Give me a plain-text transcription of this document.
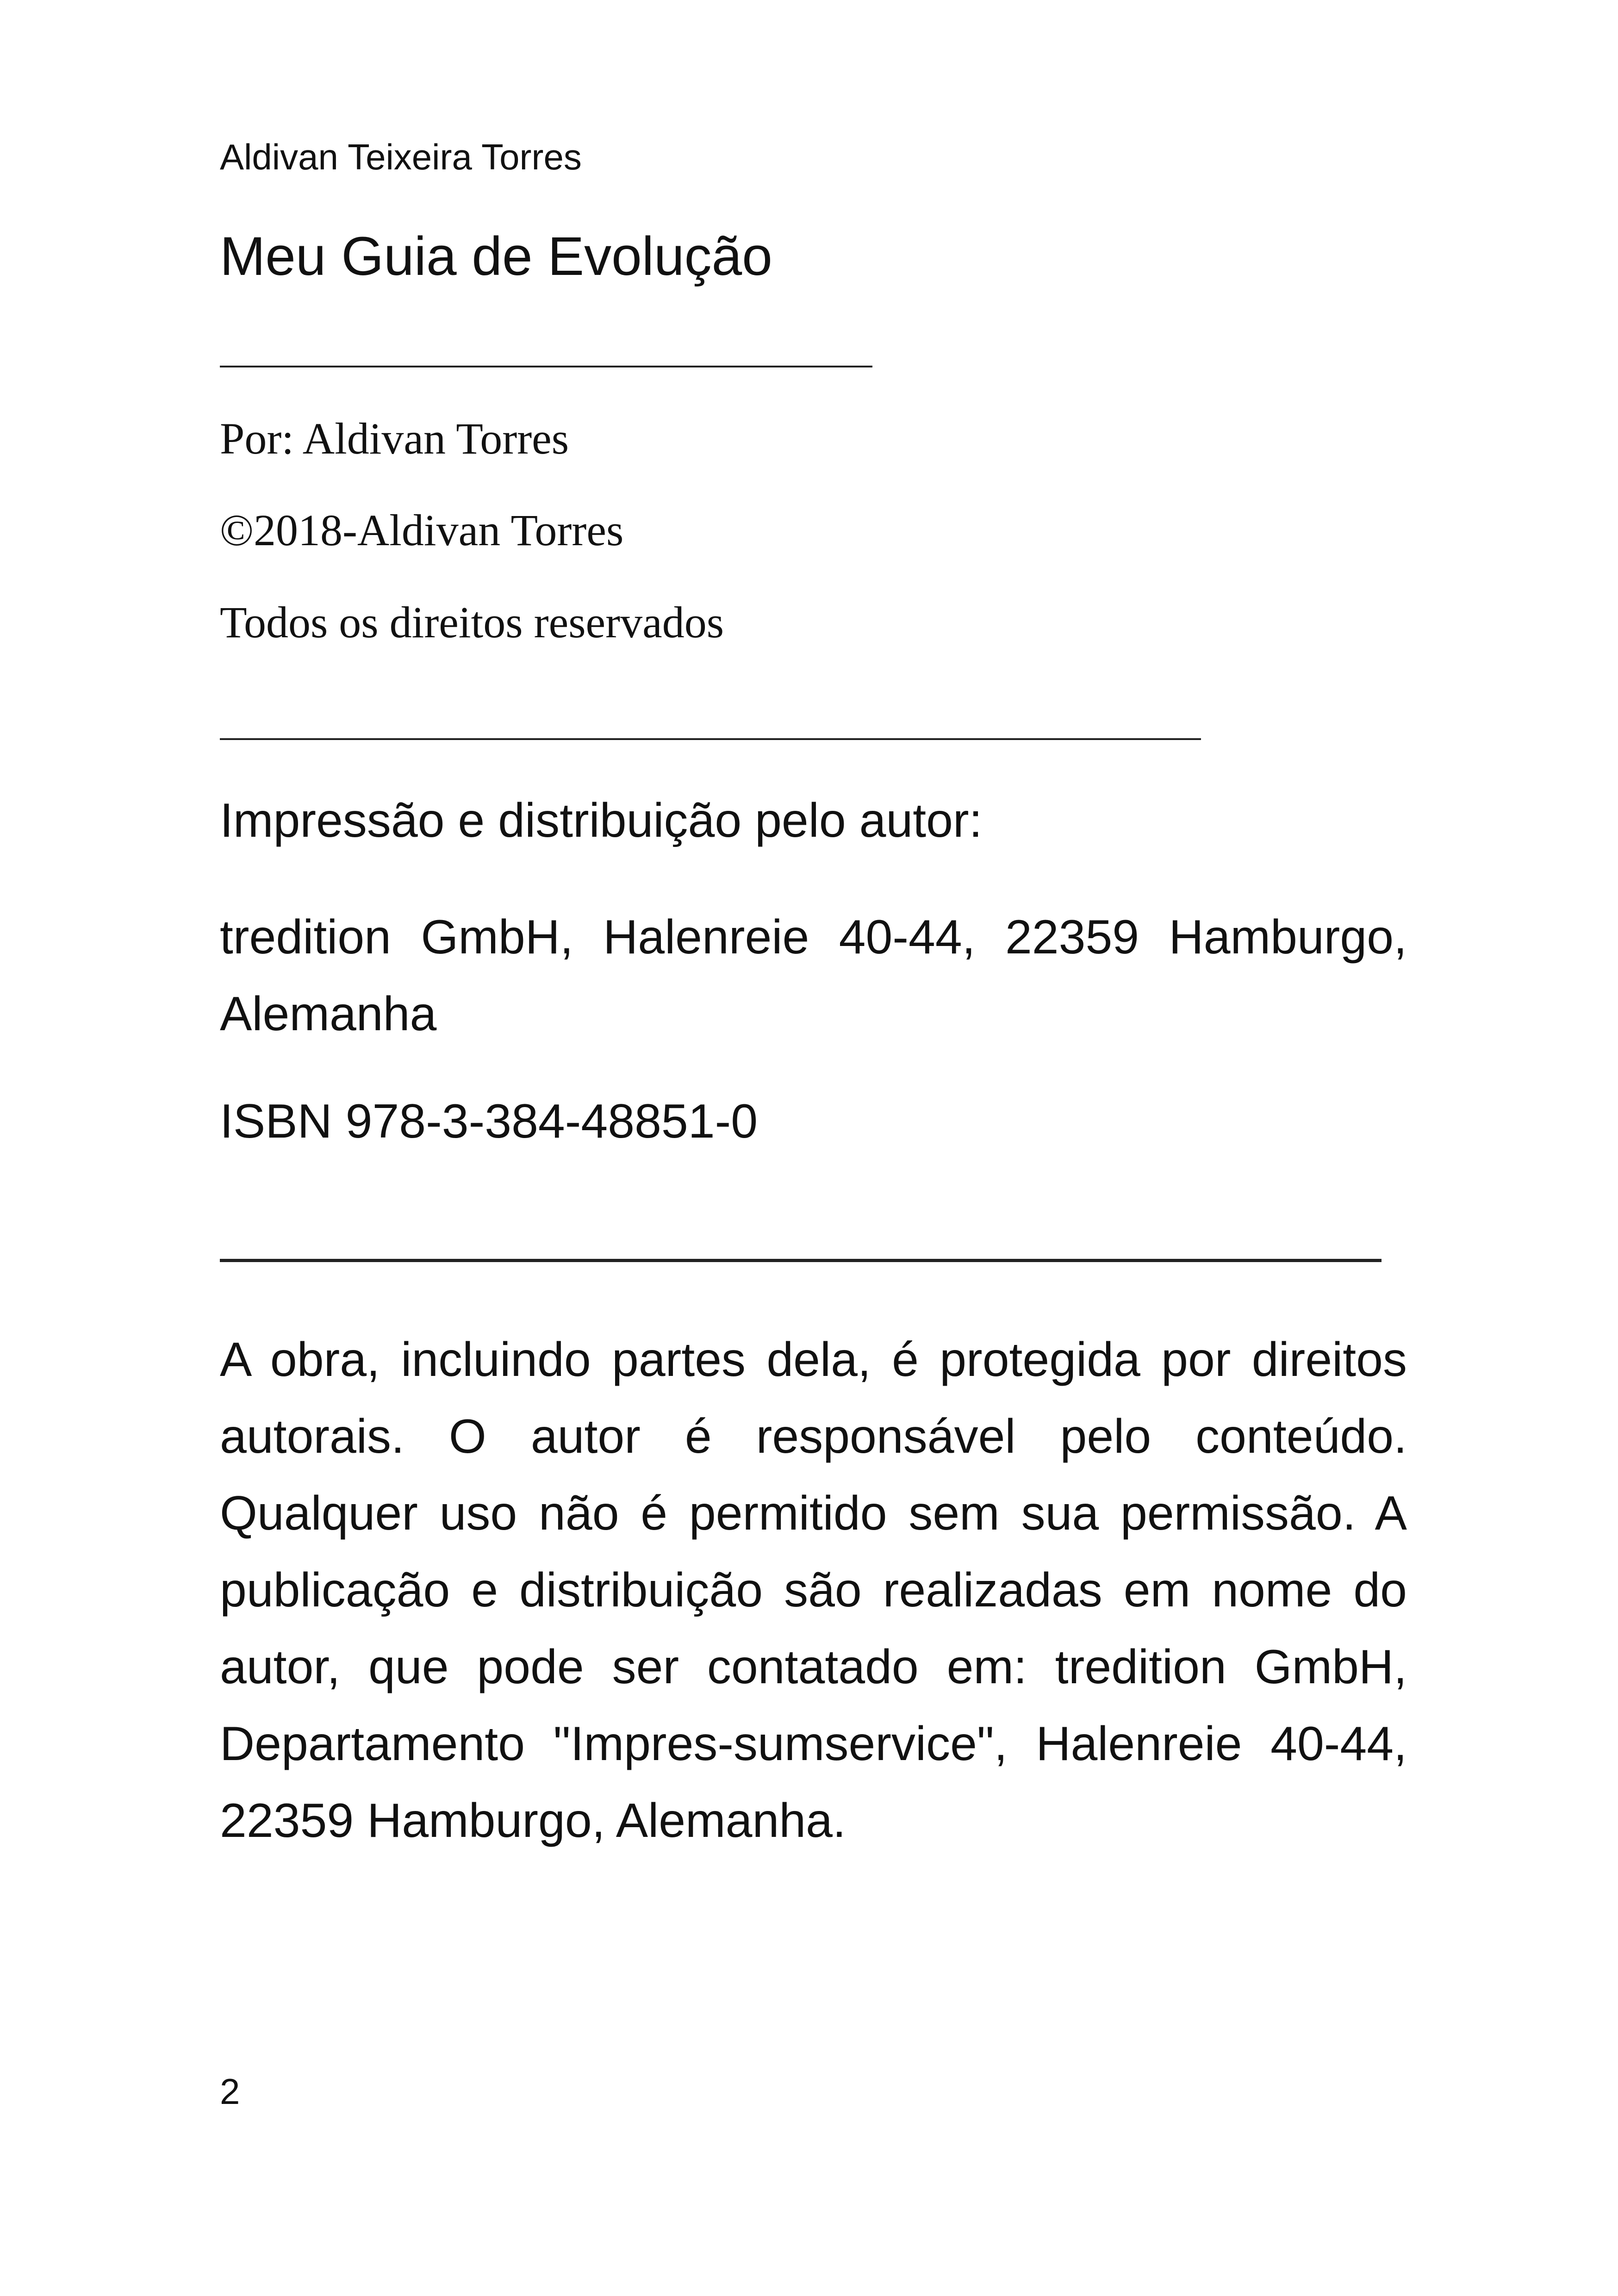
Aldivan Teixeira Torres
Meu Guia de Evolução
Por: Aldivan Torres
©2018-Aldivan Torres
Todos os direitos reservados
Impressão e distribuição pelo autor:
tredition GmbH, Halenreie 40-44, 22359 Hamburgo, Alemanha
ISBN 978-3-384-48851-0
A obra, incluindo partes dela, é protegida por direitos autorais. O autor é responsável pelo conteúdo. Qualquer uso não é permitido sem sua permissão. A publicação e distribuição são realizadas em nome do autor, que pode ser contatado em: tredition GmbH, Departamento "Impres-sumservice", Halenreie 40-44, 22359 Hamburgo, Alemanha.
2
